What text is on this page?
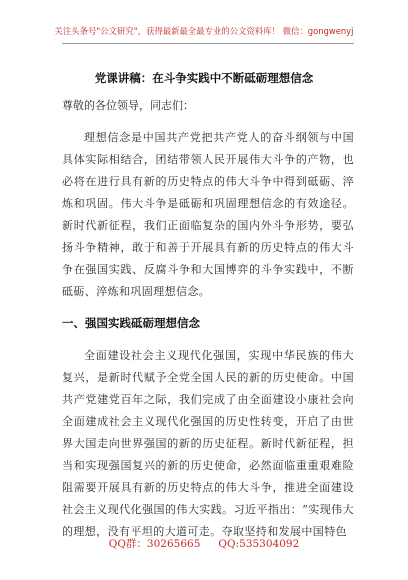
关注头条号"公文研究"，获得最新最全最专业的公文资料库！ 微信：gongwenyj
党课讲稿：在斗争实践中不断砥砺理想信念

尊敬的各位领导，同志们：

理想信念是中国共产党把共产党人的奋斗纲领与中国具体实际相结合，团结带领人民开展伟大斗争的产物，也必将在进行具有新的历史特点的伟大斗争中得到砥砺、淬炼和巩固。伟大斗争是砥砺和巩固理想信念的有效途径。新时代新征程，我们正面临复杂的国内外斗争形势，要弘扬斗争精神，敢于和善于开展具有新的历史特点的伟大斗争在强国实践、反腐斗争和大国博弈的斗争实践中，不断砥砺、淬炼和巩固理想信念。

一、强国实践砥砺理想信念

全面建设社会主义现代化强国，实现中华民族的伟大复兴，是新时代赋予全党全国人民的新的历史使命。中国共产党建党百年之际，我们完成了由全面建设小康社会向全面建成社会主义现代化强国的历史性转变，开启了由世界大国走向世界强国的新的历史征程。新时代新征程，担当和实现强国复兴的新的历史使命，必然面临重重艰难险阻需要开展具有新的历史特点的伟大斗争，推进全面建设社会主义现代化强国的伟大实践。习近平指出：“实现伟大的理想，没有平坦的大道可走。夺取坚持和发展中国特色

QQ群：30265665 QQ:535304092
